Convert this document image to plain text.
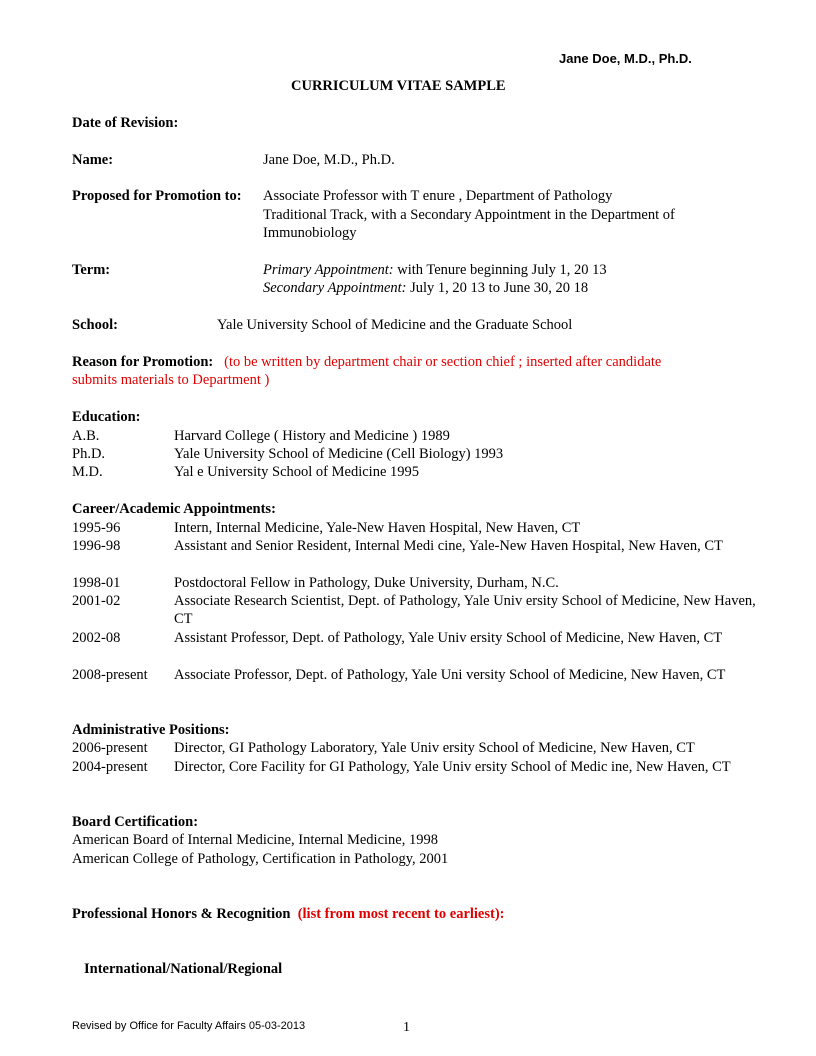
Jane Doe, M.D., Ph.D.
CURRICULUM VITAE SAMPLE
Date of Revision:
Name:	Jane Doe, M.D., Ph.D.
Proposed for Promotion to: Associate Professor with T enure , Department of Pathology
Traditional Track, with a Secondary Appointment in the Department of
Immunobiology
Term:	Primary Appointment: with Tenure beginning July 1, 20 13
Secondary Appointment: July 1, 20 13 to June 30, 20 18
School:	Yale University School of Medicine and the Graduate School
Reason for Promotion: (to be written by department chair or section chief ; inserted after candidate
submits materials to Department )
Education:
A.B.	Harvard College ( History and Medicine ) 1989
Ph.D.	Yale University School of Medicine (Cell Biology) 1993
M.D.	Yal e University School of Medicine 1995
Career/Academic Appointments:
1995-96	Intern, Internal Medicine, Yale-New Haven Hospital, New Haven, CT
1996-98	Assistant and Senior Resident, Internal Medi cine, Yale-New Haven Hospital, New Haven, CT
1998-01	Postdoctoral Fellow in Pathology, Duke University, Durham, N.C.
2001-02	Associate Research Scientist, Dept. of Pathology, Yale Univ ersity School of Medicine, New Haven, CT
2002-08	Assistant Professor, Dept. of Pathology, Yale Univ ersity School of Medicine, New Haven, CT
2008-present Associate Professor, Dept. of Pathology, Yale Uni versity School of Medicine, New Haven, CT
Administrative Positions:
2006-present Director, GI Pathology Laboratory, Yale Univ ersity School of Medicine, New Haven, CT
2004-present Director, Core Facility for GI Pathology, Yale Univ ersity School of Medic ine, New Haven, CT
Board Certification:
American Board of Internal Medicine, Internal Medicine, 1998
American College of Pathology, Certification in Pathology, 2001
Professional Honors & Recognition (list from most recent to earliest):
International/National/Regional
Revised by Office for Faculty Affairs 05-03-2013	1
